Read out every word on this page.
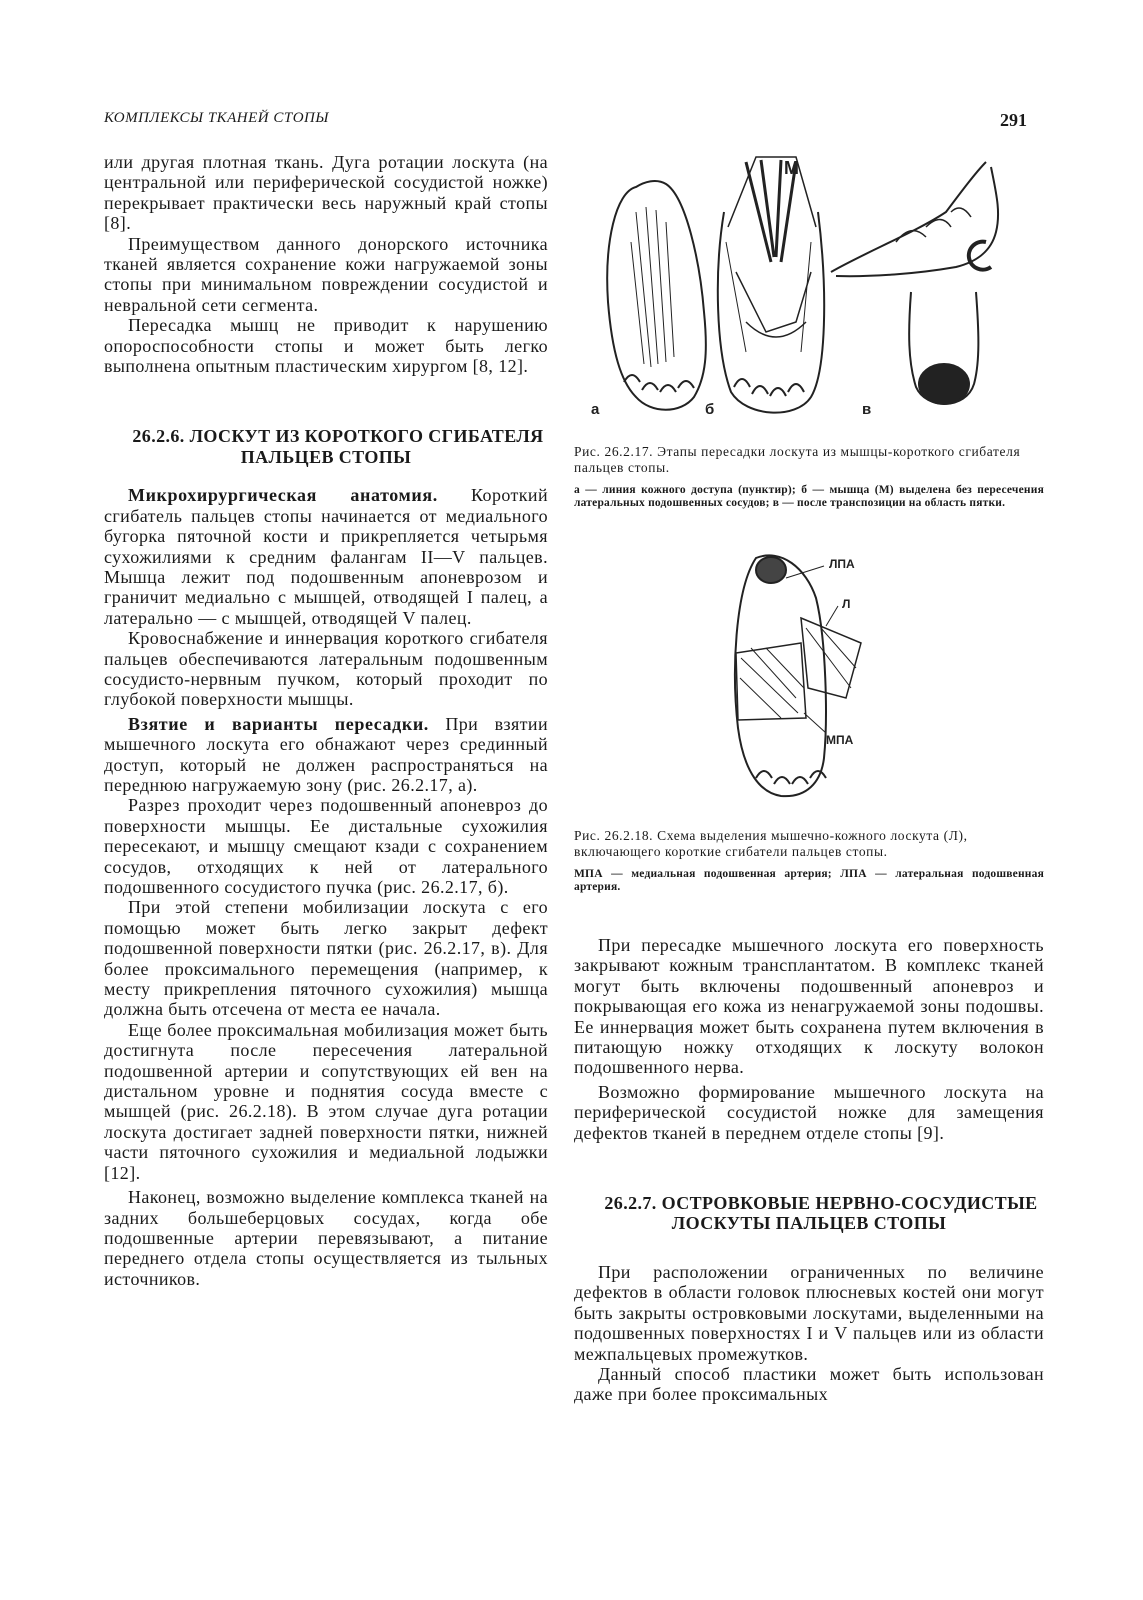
КОМПЛЕКСЫ ТКАНЕЙ СТОПЫ	291

или другая плотная ткань. Дуга ротации лоскута (на центральной или периферической сосудистой ножке) перекрывает практически весь наружный край стопы [8].

Преимуществом данного донорского источника тканей является сохранение кожи нагружаемой зоны стопы при минимальном повреждении сосудистой и невральной сети сегмента.

Пересадка мышц не приводит к нарушению опороспособности стопы и может быть легко выполнена опытным пластическим хирургом [8, 12].

26.2.6. ЛОСКУТ ИЗ КОРОТКОГО СГИБАТЕЛЯ ПАЛЬЦЕВ СТОПЫ

Микрохирургическая анатомия. Короткий сгибатель пальцев стопы начинается от медиального бугорка пяточной кости и прикрепляется четырьмя сухожилиями к средним фалангам II—V пальцев. Мышца лежит под подошвенным апоневрозом и граничит медиально с мышцей, отводящей I палец, а латерально — с мышцей, отводящей V палец.

Кровоснабжение и иннервация короткого сгибателя пальцев обеспечиваются латеральным подошвенным сосудисто-нервным пучком, который проходит по глубокой поверхности мышцы.

Взятие и варианты пересадки. При взятии мышечного лоскута его обнажают через срединный доступ, который не должен распространяться на переднюю нагружаемую зону (рис. 26.2.17, а).

Разрез проходит через подошвенный апоневроз до поверхности мышцы. Ее дистальные сухожилия пересекают, и мышцу смещают кзади с сохранением сосудов, отходящих к ней от латерального подошвенного сосудистого пучка (рис. 26.2.17, б).

При этой степени мобилизации лоскута с его помощью может быть легко закрыт дефект подошвенной поверхности пятки (рис. 26.2.17, в). Для более проксимального перемещения (например, к месту прикрепления пяточного сухожилия) мышца должна быть отсечена от места ее начала.

Еще более проксимальная мобилизация может быть достигнута после пересечения латеральной подошвенной артерии и сопутствующих ей вен на дистальном уровне и поднятия сосуда вместе с мышцей (рис. 26.2.18). В этом случае дуга ротации лоскута достигает задней поверхности пятки, нижней части пяточного сухожилия и медиальной лодыжки [12].

Наконец, возможно выделение комплекса тканей на задних большеберцовых сосудах, когда обе подошвенные артерии перевязывают, а питание переднего отдела стопы осуществляется из тыльных источников.

М
а	б	в

Рис. 26.2.17. Этапы пересадки лоскута из мышцы-короткого сгибателя пальцев стопы.

а — линия кожного доступа (пунктир); б — мышца (М) выделена без пересечения латеральных подошвенных сосудов; в — после транспозиции на область пятки.

ЛПА
Л
МПА

Рис. 26.2.18. Схема выделения мышечно-кожного лоскута (Л), включающего короткие сгибатели пальцев стопы.

МПА — медиальная подошвенная артерия; ЛПА — латеральная подошвенная артерия.

При пересадке мышечного лоскута его поверхность закрывают кожным трансплантатом. В комплекс тканей могут быть включены подошвенный апоневроз и покрывающая его кожа из ненагружаемой зоны подошвы. Ее иннервация может быть сохранена путем включения в питающую ножку отходящих к лоскуту волокон подошвенного нерва.

Возможно формирование мышечного лоскута на периферической сосудистой ножке для замещения дефектов тканей в переднем отделе стопы [9].

26.2.7. ОСТРОВКОВЫЕ НЕРВНО-СОСУДИСТЫЕ ЛОСКУТЫ ПАЛЬЦЕВ СТОПЫ

При расположении ограниченных по величине дефектов в области головок плюсневых костей они могут быть закрыты островковыми лоскутами, выделенными на подошвенных поверхностях I и V пальцев или из области межпальцевых промежутков.

Данный способ пластики может быть использован даже при более проксимальных
